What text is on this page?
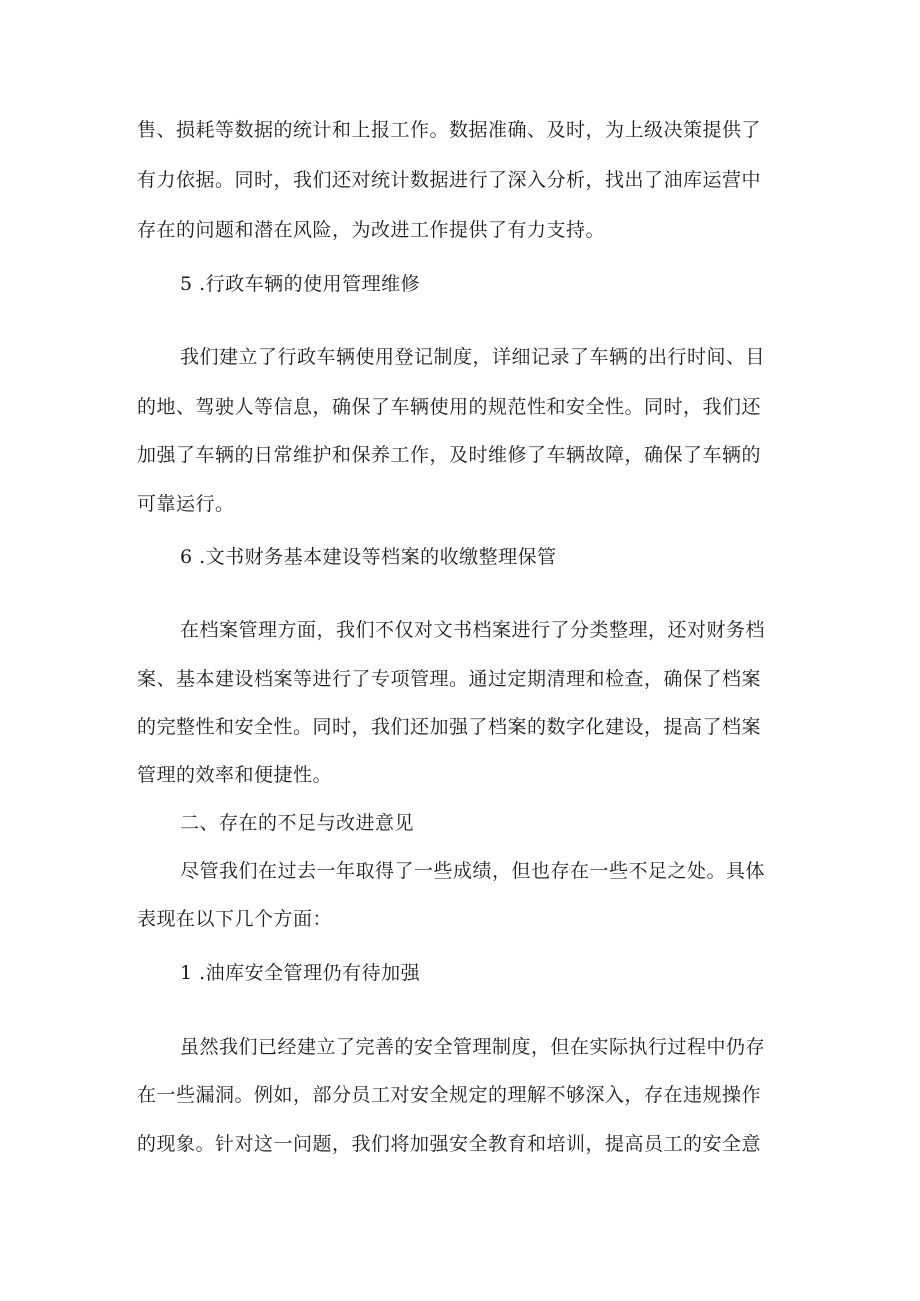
售、损耗等数据的统计和上报工作。数据准确、及时，为上级决策提供了
有力依据。同时，我们还对统计数据进行了深入分析，找出了油库运营中
存在的问题和潜在风险，为改进工作提供了有力支持。
5 .行政车辆的使用管理维修
我们建立了行政车辆使用登记制度，详细记录了车辆的出行时间、目
的地、驾驶人等信息，确保了车辆使用的规范性和安全性。同时，我们还
加强了车辆的日常维护和保养工作，及时维修了车辆故障，确保了车辆的
可靠运行。
6 .文书财务基本建设等档案的收缴整理保管
在档案管理方面，我们不仅对文书档案进行了分类整理，还对财务档
案、基本建设档案等进行了专项管理。通过定期清理和检查，确保了档案
的完整性和安全性。同时，我们还加强了档案的数字化建设，提高了档案
管理的效率和便捷性。
二、存在的不足与改进意见
尽管我们在过去一年取得了一些成绩，但也存在一些不足之处。具体
表现在以下几个方面：
1 .油库安全管理仍有待加强
虽然我们已经建立了完善的安全管理制度，但在实际执行过程中仍存
在一些漏洞。例如，部分员工对安全规定的理解不够深入，存在违规操作
的现象。针对这一问题，我们将加强安全教育和培训，提高员工的安全意
